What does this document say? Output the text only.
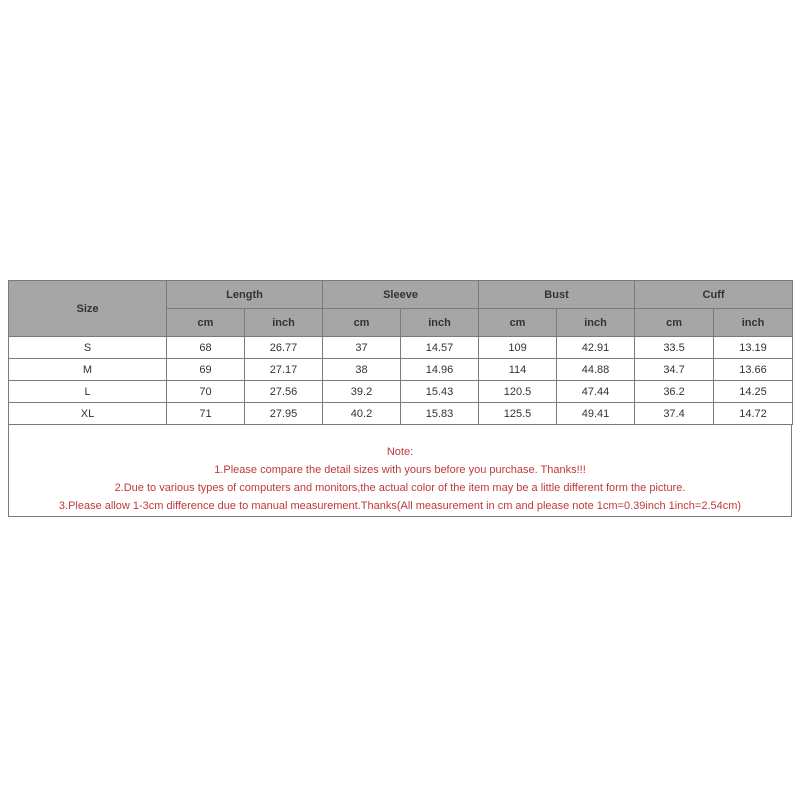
Size	Length		Sleeve		Bust		Cuff	
	cm	inch	cm	inch	cm	inch	cm	inch
S	68	26.77	37	14.57	109	42.91	33.5	13.19
M	69	27.17	38	14.96	114	44.88	34.7	13.66
L	70	27.56	39.2	15.43	120.5	47.44	36.2	14.25
XL	71	27.95	40.2	15.83	125.5	49.41	37.4	14.72
Note:
1.Please compare the detail sizes with yours before you purchase. Thanks!!!
2.Due to various types of computers and monitors,the actual color of the item may be a little different form the picture.
3.Please allow 1-3cm difference due to manual measurement.Thanks(All measurement in cm and please note 1cm=0.39inch 1inch=2.54cm)
